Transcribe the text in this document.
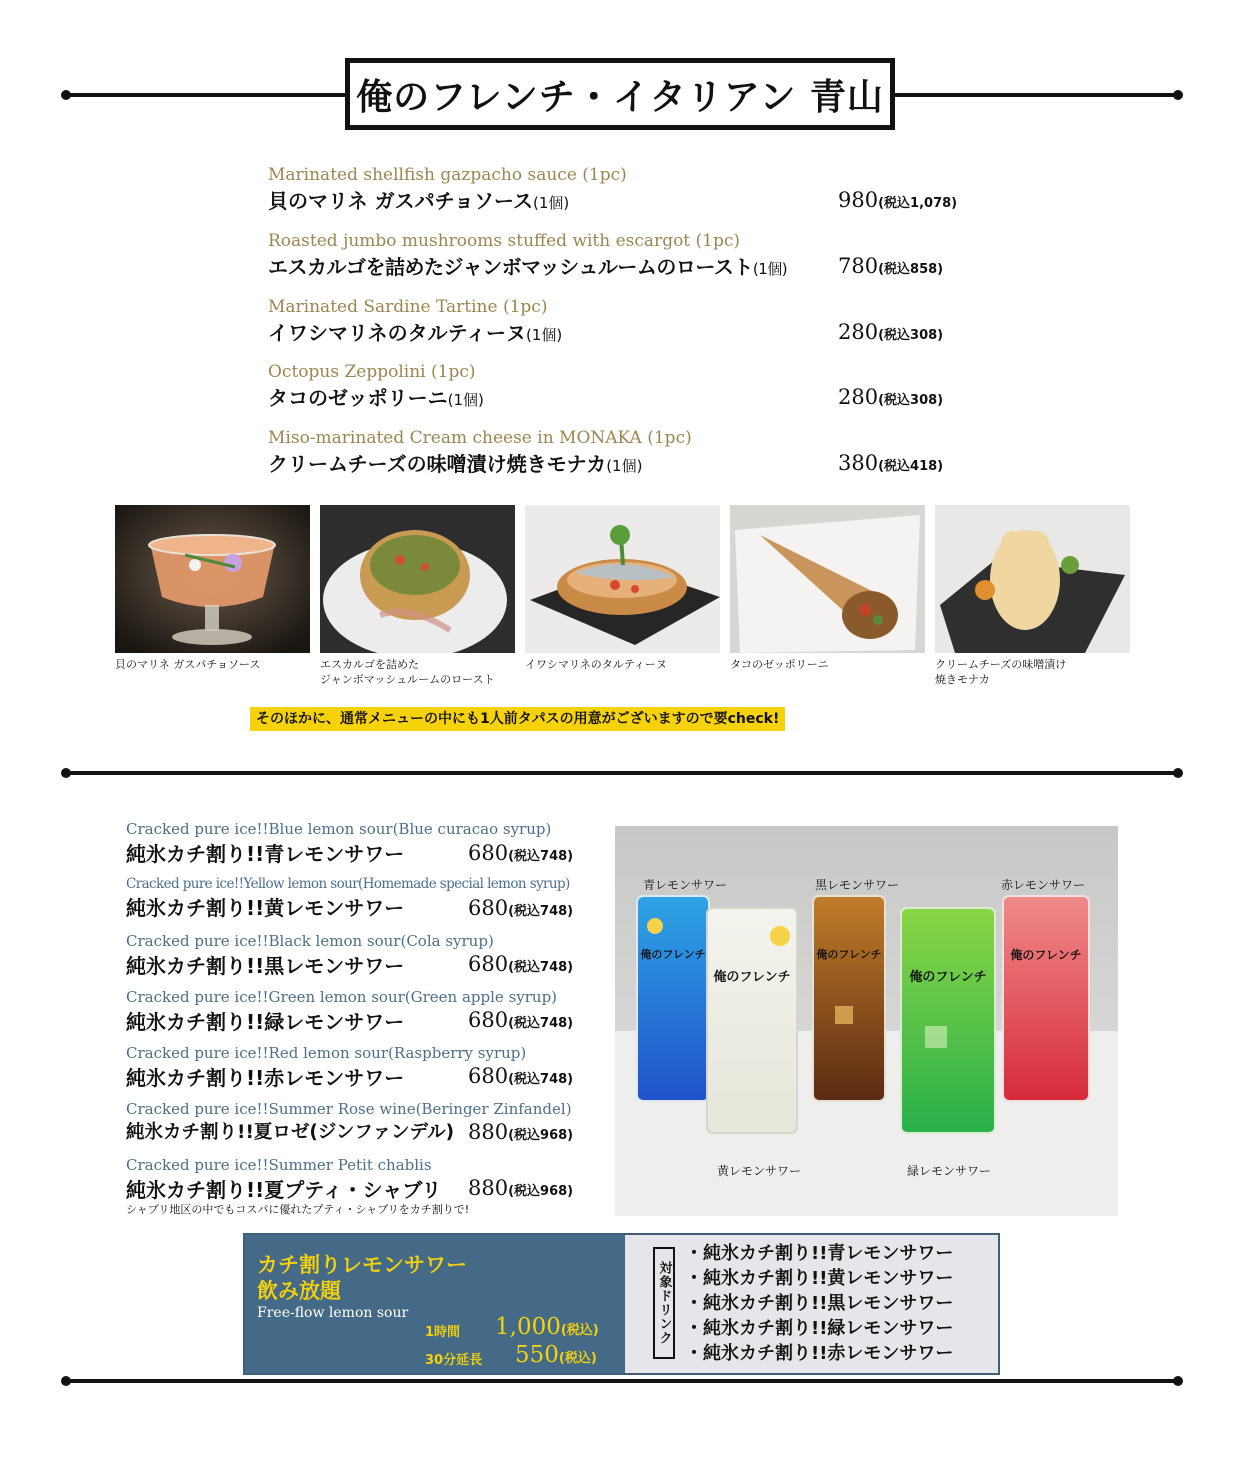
俺のフレンチ・イタリアン 青山
Marinated shellfish gazpacho sauce (1pc)
貝のマリネ ガスパチョソース(1個)	980(税込1,078)
Roasted jumbo mushrooms stuffed with escargot (1pc)
エスカルゴを詰めたジャンボマッシュルームのロースト(1個) 780(税込858)
Marinated Sardine Tartine (1pc)
イワシマリネのタルティーヌ(1個)	280(税込308)
Octopus Zeppolini (1pc)
タコのゼッポリーニ(1個)	280(税込308)
Miso-marinated Cream cheese in MONAKA (1pc)
クリームチーズの味噌漬け焼きモナカ(1個)	380(税込418)
貝のマリネ ガスパチョソース	エスカルゴを詰めた
ジャンボマッシュルームのロースト
イワシマリネのタルティーヌ	タコのゼッポリーニ	クリームチーズの味噌漬け
焼きモナカ
そのほかに、通常メニューの中にも1人前タパスの用意がございますので要check!
Cracked pure ice!!Blue lemon sour(Blue curacao syrup)
純氷カチ割り!!青レモンサワー	680(税込748)
Cracked pure ice!!Yellow lemon sour(Homemade special lemon syrup)
純氷カチ割り!!黄レモンサワー	680(税込748)
Cracked pure ice!!Black lemon sour(Cola syrup)
純氷カチ割り!!黒レモンサワー	680(税込748)
Cracked pure ice!!Green lemon sour(Green apple syrup)
純氷カチ割り!!緑レモンサワー	680(税込748)
Cracked pure ice!!Red lemon sour(Raspberry syrup)
純氷カチ割り!!赤レモンサワー	680(税込748)
Cracked pure ice!!Summer Rose wine(Beringer Zinfandel)
純氷カチ割り!!夏ロゼ(ジンファンデル) 880(税込968)
Cracked pure ice!!Summer Petit chablis
純氷カチ割り!!夏プティ・シャブリ 880(税込968)
シャブリ地区の中でもコスパに優れたプティ・シャブリをカチ割りで!
俺のフレンチ
俺のフレンチ
俺のフレンチ
俺のフレンチ
俺のフレンチ
青レモンサワー	黒レモンサワー	赤レモンサワー
黄レモンサワー	緑レモンサワー
カチ割りレモンサワー
飲み放題
Free-flow lemon sour
1時間 1,000(税込)
30分延長 550(税込)
対象ドリンク
・純氷カチ割り!!青レモンサワー
・純氷カチ割り!!黄レモンサワー
・純氷カチ割り!!黒レモンサワー
・純氷カチ割り!!緑レモンサワー
・純氷カチ割り!!赤レモンサワー
